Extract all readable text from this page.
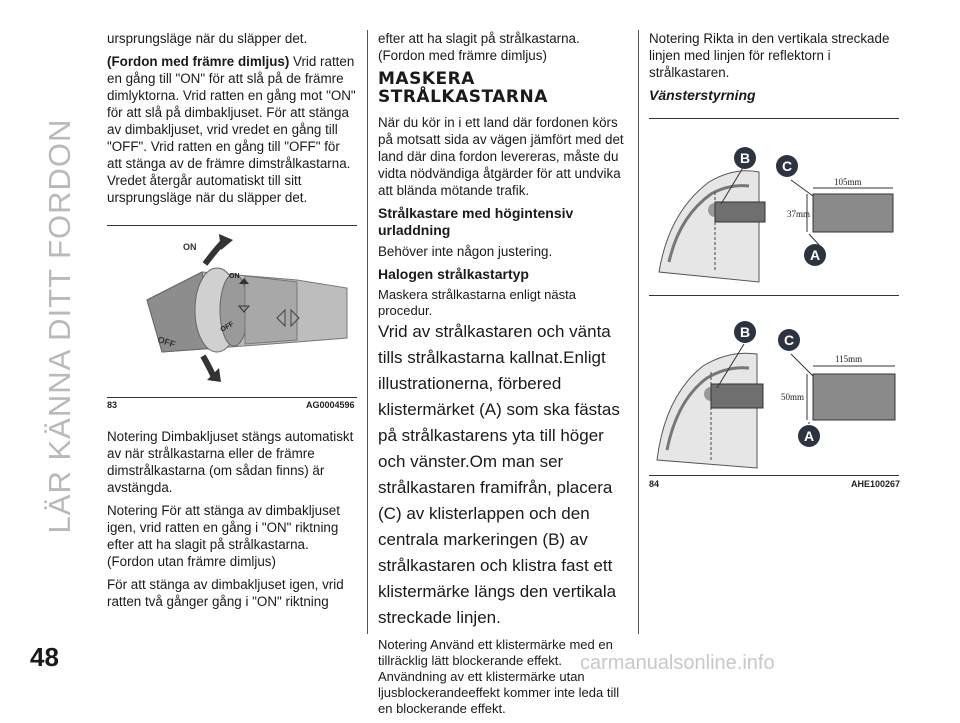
LÄR KÄNNA DITT FORDON
48	carmanualsonline.info

ursprungsläge när du släpper det.

(Fordon med främre dimljus) Vrid ratten en gång till "ON" för att slå på de främre dimlyktorna. Vrid ratten en gång mot "ON" för att slå på dimbakljuset. För att stänga av dimbakljuset, vrid vredet en gång till "OFF". Vrid ratten en gång till "OFF" för att stänga av de främre dimstrålkastarna. Vredet återgår automatiskt till sitt ursprungsläge när du släpper det.

ON
OFF
ON
OFF
83	AG0004596

Notering Dimbakljuset stängs automatiskt av när strålkastarna eller de främre dimstrålkastarna (om sådan finns) är avstängda.

Notering För att stänga av dimbakljuset igen, vrid ratten en gång i "ON" riktning efter att ha slagit på strålkastarna. (Fordon utan främre dimljus)

För att stänga av dimbakljuset igen, vrid ratten två gånger gång i "ON" riktning

efter att ha slagit på strålkastarna. (Fordon med främre dimljus)

MASKERA STRÅLKASTARNA

När du kör in i ett land där fordonen körs på motsatt sida av vägen jämfört med det land där dina fordon levereras, måste du vidta nödvändiga åtgärder för att undvika att blända mötande trafik.

Strålkastare med högintensiv urladdning

Behöver inte någon justering.

Halogen strålkastartyp

Maskera strålkastarna enligt nästa procedur.

Vrid av strålkastaren och vänta tills strålkastarna kallnat.Enligt illustrationerna, förbered klistermärket (A) som ska fästas på strålkastarens yta till höger och vänster.Om man ser strålkastaren framifrån, placera (C) av klisterlappen och den centrala markeringen (B) av strålkastaren och klistra fast ett klistermärke längs den vertikala streckade linjen.

Notering Använd ett klistermärke med en tillräcklig lätt blockerande effekt. Användning av ett klistermärke utan ljusblockerandeeffekt kommer inte leda till en blockerande effekt.

Notering Rikta in den vertikala streckade linjen med linjen för reflektorn i strålkastaren.

Vänsterstyrning

105mm
37mm
B C
A
115mm
50mm
B C
A
84	AHE100267
